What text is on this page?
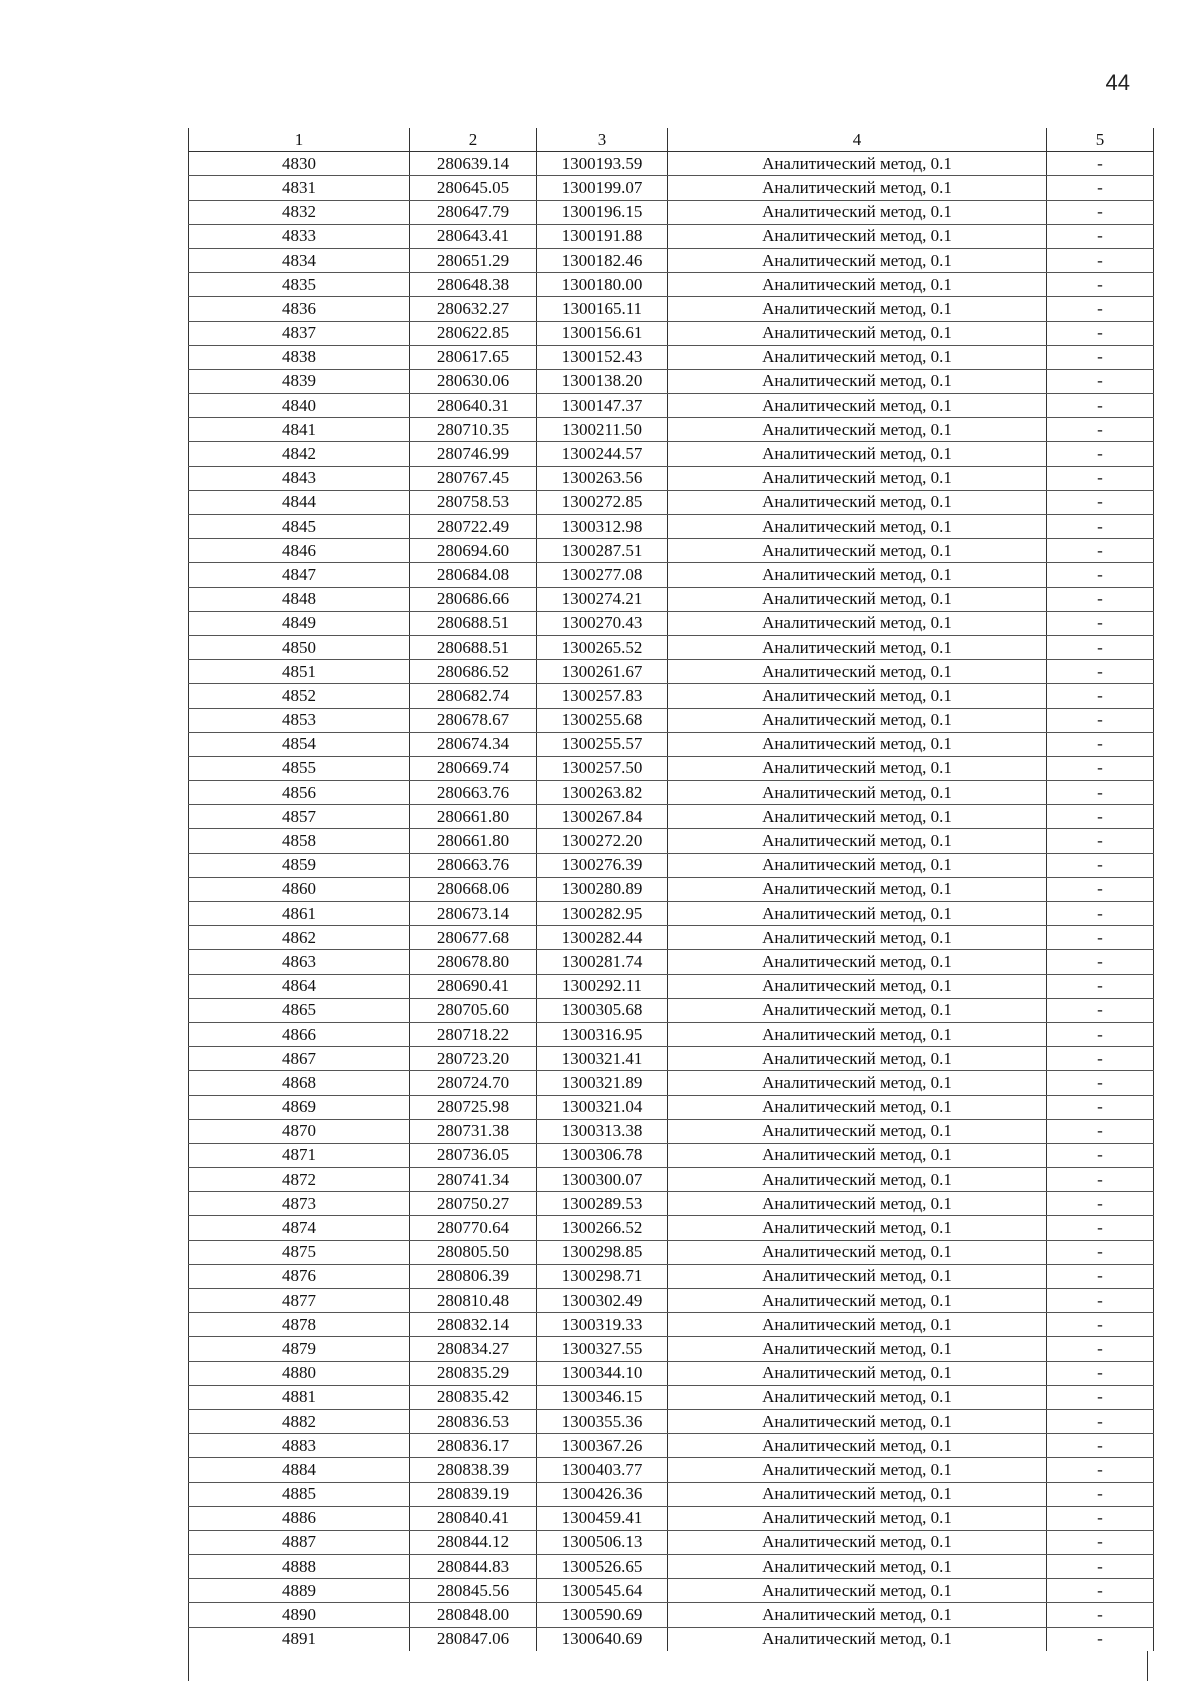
44
1	2	3	4	5
4830	280639.14	1300193.59	Аналитический метод, 0.1	-
4831	280645.05	1300199.07	Аналитический метод, 0.1	-
4832	280647.79	1300196.15	Аналитический метод, 0.1	-
4833	280643.41	1300191.88	Аналитический метод, 0.1	-
4834	280651.29	1300182.46	Аналитический метод, 0.1	-
4835	280648.38	1300180.00	Аналитический метод, 0.1	-
4836	280632.27	1300165.11	Аналитический метод, 0.1	-
4837	280622.85	1300156.61	Аналитический метод, 0.1	-
4838	280617.65	1300152.43	Аналитический метод, 0.1	-
4839	280630.06	1300138.20	Аналитический метод, 0.1	-
4840	280640.31	1300147.37	Аналитический метод, 0.1	-
4841	280710.35	1300211.50	Аналитический метод, 0.1	-
4842	280746.99	1300244.57	Аналитический метод, 0.1	-
4843	280767.45	1300263.56	Аналитический метод, 0.1	-
4844	280758.53	1300272.85	Аналитический метод, 0.1	-
4845	280722.49	1300312.98	Аналитический метод, 0.1	-
4846	280694.60	1300287.51	Аналитический метод, 0.1	-
4847	280684.08	1300277.08	Аналитический метод, 0.1	-
4848	280686.66	1300274.21	Аналитический метод, 0.1	-
4849	280688.51	1300270.43	Аналитический метод, 0.1	-
4850	280688.51	1300265.52	Аналитический метод, 0.1	-
4851	280686.52	1300261.67	Аналитический метод, 0.1	-
4852	280682.74	1300257.83	Аналитический метод, 0.1	-
4853	280678.67	1300255.68	Аналитический метод, 0.1	-
4854	280674.34	1300255.57	Аналитический метод, 0.1	-
4855	280669.74	1300257.50	Аналитический метод, 0.1	-
4856	280663.76	1300263.82	Аналитический метод, 0.1	-
4857	280661.80	1300267.84	Аналитический метод, 0.1	-
4858	280661.80	1300272.20	Аналитический метод, 0.1	-
4859	280663.76	1300276.39	Аналитический метод, 0.1	-
4860	280668.06	1300280.89	Аналитический метод, 0.1	-
4861	280673.14	1300282.95	Аналитический метод, 0.1	-
4862	280677.68	1300282.44	Аналитический метод, 0.1	-
4863	280678.80	1300281.74	Аналитический метод, 0.1	-
4864	280690.41	1300292.11	Аналитический метод, 0.1	-
4865	280705.60	1300305.68	Аналитический метод, 0.1	-
4866	280718.22	1300316.95	Аналитический метод, 0.1	-
4867	280723.20	1300321.41	Аналитический метод, 0.1	-
4868	280724.70	1300321.89	Аналитический метод, 0.1	-
4869	280725.98	1300321.04	Аналитический метод, 0.1	-
4870	280731.38	1300313.38	Аналитический метод, 0.1	-
4871	280736.05	1300306.78	Аналитический метод, 0.1	-
4872	280741.34	1300300.07	Аналитический метод, 0.1	-
4873	280750.27	1300289.53	Аналитический метод, 0.1	-
4874	280770.64	1300266.52	Аналитический метод, 0.1	-
4875	280805.50	1300298.85	Аналитический метод, 0.1	-
4876	280806.39	1300298.71	Аналитический метод, 0.1	-
4877	280810.48	1300302.49	Аналитический метод, 0.1	-
4878	280832.14	1300319.33	Аналитический метод, 0.1	-
4879	280834.27	1300327.55	Аналитический метод, 0.1	-
4880	280835.29	1300344.10	Аналитический метод, 0.1	-
4881	280835.42	1300346.15	Аналитический метод, 0.1	-
4882	280836.53	1300355.36	Аналитический метод, 0.1	-
4883	280836.17	1300367.26	Аналитический метод, 0.1	-
4884	280838.39	1300403.77	Аналитический метод, 0.1	-
4885	280839.19	1300426.36	Аналитический метод, 0.1	-
4886	280840.41	1300459.41	Аналитический метод, 0.1	-
4887	280844.12	1300506.13	Аналитический метод, 0.1	-
4888	280844.83	1300526.65	Аналитический метод, 0.1	-
4889	280845.56	1300545.64	Аналитический метод, 0.1	-
4890	280848.00	1300590.69	Аналитический метод, 0.1	-
4891	280847.06	1300640.69	Аналитический метод, 0.1	-
